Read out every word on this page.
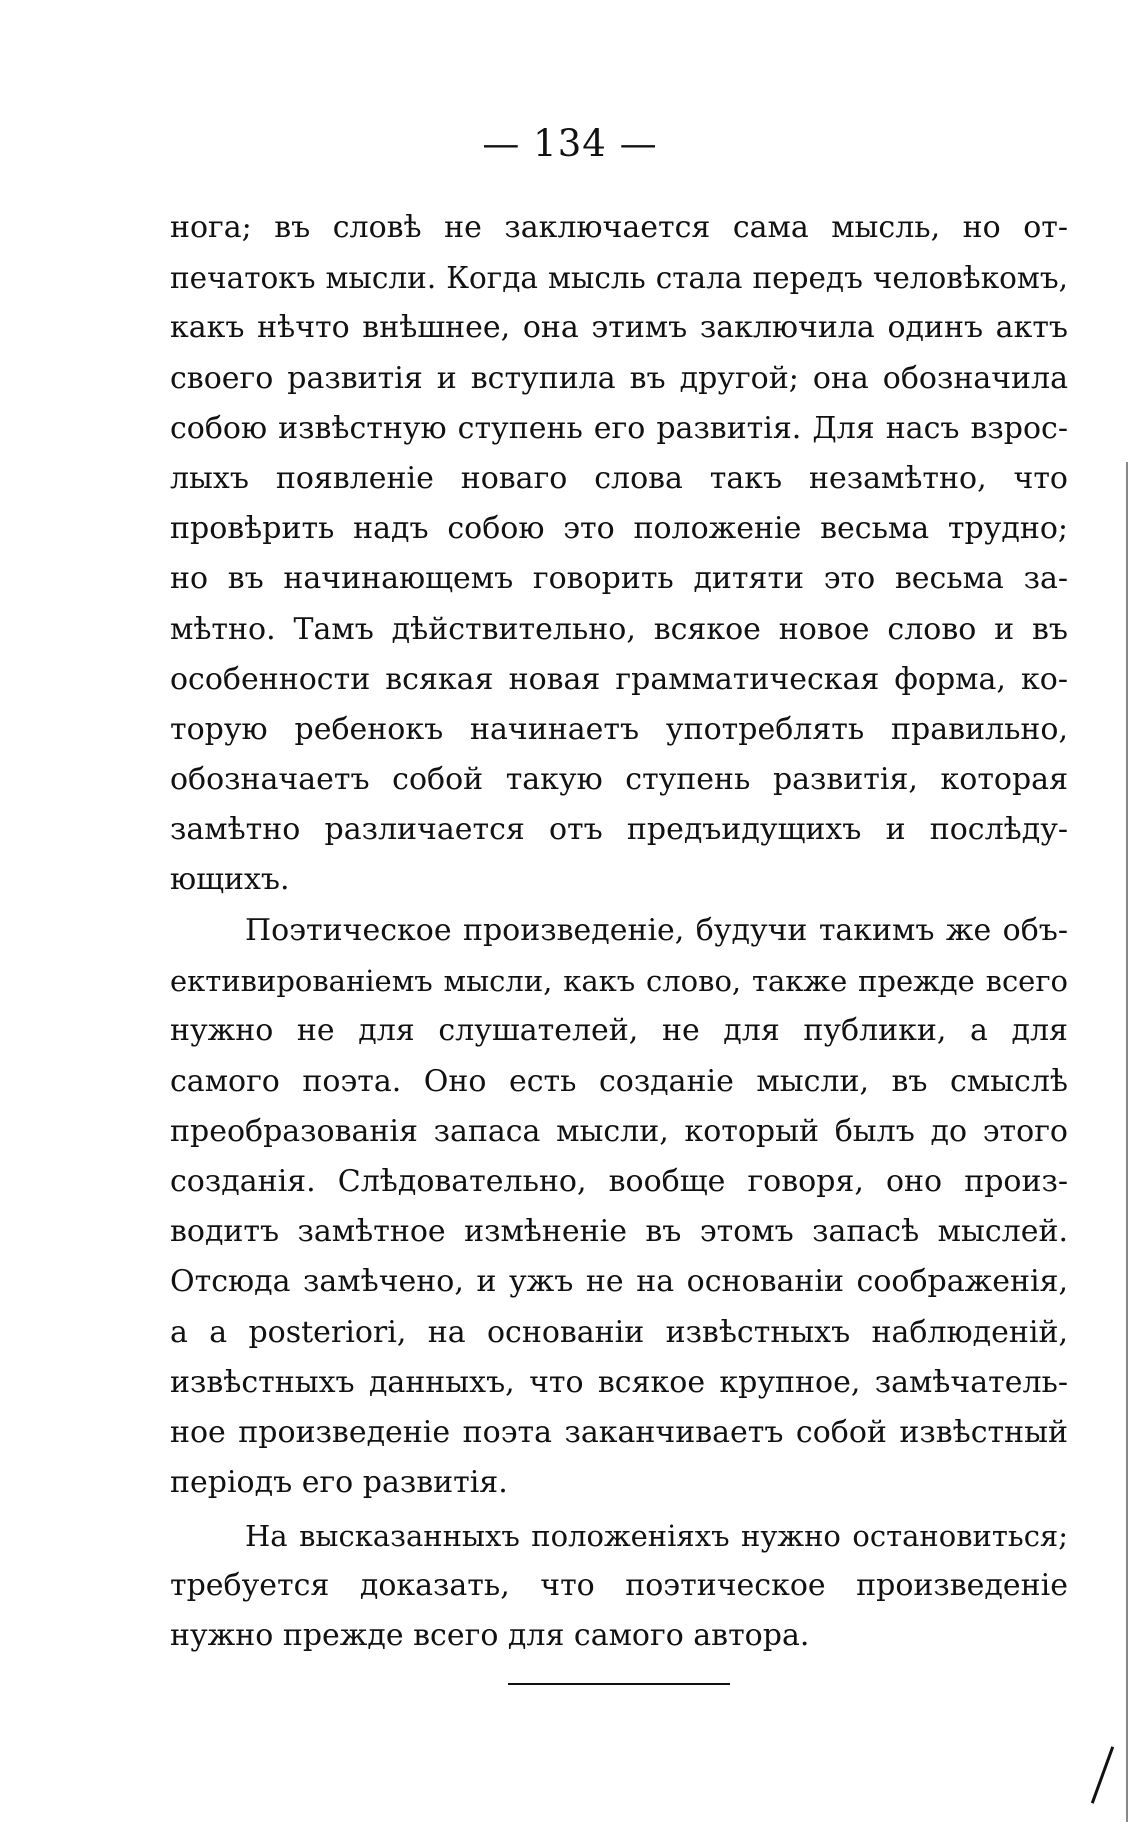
— 134 —
нога; въ словѣ не заключается сама мысль, но от-
печатокъ мысли. Когда мысль стала передъ человѣкомъ,
какъ нѣчто внѣшнее, она этимъ заключила одинъ актъ
своего развитія и вступила въ другой; она обозначила
собою извѣстную ступень его развитія. Для насъ взрос-
лыхъ появленіе новаго слова такъ незамѣтно, что
провѣрить надъ собою это положеніе весьма трудно;
но въ начинающемъ говорить дитяти это весьма за-
мѣтно. Тамъ дѣйствительно, всякое новое слово и въ
особенности всякая новая грамматическая форма, ко-
торую ребенокъ начинаетъ употреблять правильно,
обозначаетъ собой такую ступень развитія, которая
замѣтно различается отъ предъидущихъ и послѣду-
ющихъ.
Поэтическое произведеніе, будучи такимъ же объ-
ективированіемъ мысли, какъ слово, также прежде всего
нужно не для слушателей, не для публики, а для
самого поэта. Оно есть созданіе мысли, въ смыслѣ
преобразованія запаса мысли, который былъ до этого
созданія. Слѣдовательно, вообще говоря, оно произ-
водитъ замѣтное измѣненіе въ этомъ запасѣ мыслей.
Отсюда замѣчено, и ужъ не на основаніи соображенія,
а a posteriori, на основаніи извѣстныхъ наблюденій,
извѣстныхъ данныхъ, что всякое крупное, замѣчатель-
ное произведеніе поэта заканчиваетъ собой извѣстный
періодъ его развитія.
На высказанныхъ положеніяхъ нужно остановиться;
требуется доказать, что поэтическое произведеніе
нужно прежде всего для самого автора.
